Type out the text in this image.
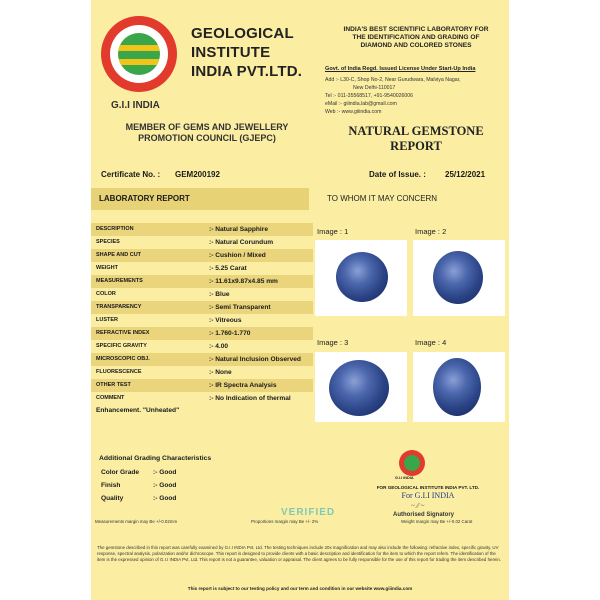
GEOLOGICAL
INSTITUTE
INDIA PVT.LTD.
G.I.I INDIA
MEMBER OF GEMS AND JEWELLERY
PROMOTION COUNCIL (GJEPC)
INDIA'S BEST SCIENTIFIC LABORATORY FOR
THE IDENTIFICATION AND GRADING OF
DIAMOND AND COLORED STONES
Govt. of India Regd. Issued License Under Start-Up India
Add :- L30-C, Shop No-2, Near Gurudwara, Malviya Nagar,
New Delhi-110017
Tel :- 011-35568517, +91-9540026006
eMail :- giiindia.lab@gmail.com
Web :- www.giiindia.com
NATURAL GEMSTONE
REPORT
Certificate No. : GEM200192	Date of Issue. : 25/12/2021
LABORATORY REPORT	TO WHOM IT MAY CONCERN
DESCRIPTION	:- Natural Sapphire
SPECIES	:- Natural Corundum
SHAPE AND CUT	:- Cushion / Mixed
WEIGHT	:- 5.25 Carat
MEASUREMENTS	:- 11.61x9.87x4.85 mm
COLOR	:- Blue
TRANSPARENCY	:- Semi Transparent
LUSTER	:- Vitreous
REFRACTIVE INDEX	:- 1.760-1.770
SPECIFIC GRAVITY	:- 4.00
MICROSCOPIC OBJ.	:- Natural Inclusion Observed
FLUORESCENCE	:- None
OTHER TEST	:- IR Spectra Analysis
COMMENT	:- No Indication of thermal
Enhancement. "Unheated"
Image : 1	Image : 2
Image : 3	Image : 4
Additional Grading Characteristics
Color Grade :- Good
Finish	:- Good
Quality	:- Good
G.I.I INDIA
FOR GEOLOGICAL INSTITUTE INDIA PVT. LTD.
For G.I.I INDIA
~ ⁄⁄ ~
Authorised Signatory
VERIFIED
Measurements margin may Be +/-0.02mm	Proportions margin may Be +/- 2%	Weight margin may Be +/-0.02 Carat
The gemstone described in this report was carefully examined by G.I.I INDIA Pvt. Ltd. The testing techniques include 20x magnification and may also include the following: refractive index, specific gravity, UV response, spectral analysis, polarization and/or dichroscope. This report is designed to provide clients with a basic description and identification for the item to which the report refers. The identification of the item is the expressed opinion of G.I.I INDIA Pvt. Ltd. This report is not a guarantee, valuation or appraisal. The client agrees to be fully responsible for the use of this report for trading the item described herein.
This report is subject to our testing policy and our term and condition in our website www.giiindia.com
